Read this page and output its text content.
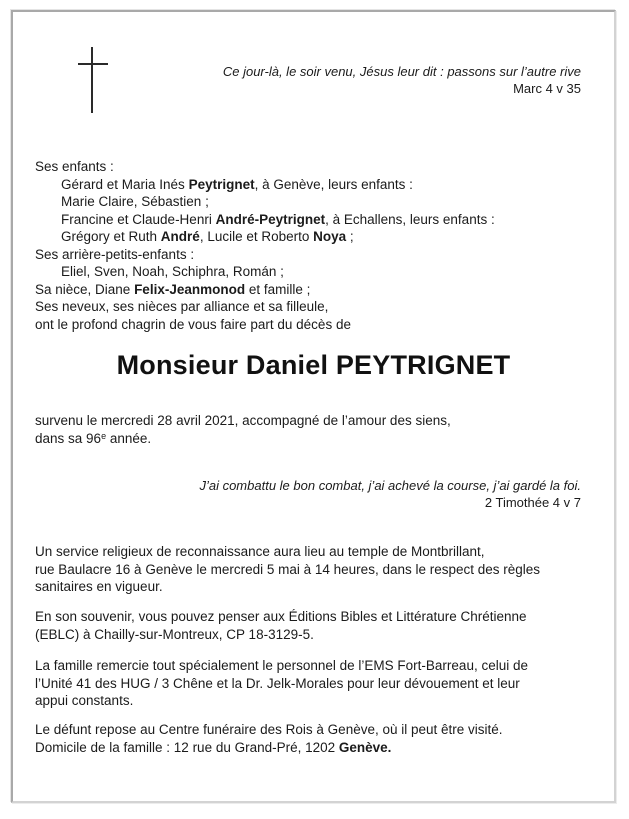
Ce jour-là, le soir venu, Jésus leur dit : passons sur l’autre rive
Marc 4 v 35
Ses enfants :
Gérard et Maria Inés Peytrignet, à Genève, leurs enfants :
Marie Claire, Sébastien ;
Francine et Claude-Henri André-Peytrignet, à Echallens, leurs enfants :
Grégory et Ruth André, Lucile et Roberto Noya ;
Ses arrière-petits-enfants :
Eliel, Sven, Noah, Schiphra, Román ;
Sa nièce, Diane Felix-Jeanmonod et famille ;
Ses neveux, ses nièces par alliance et sa filleule,
ont le profond chagrin de vous faire part du décès de
Monsieur Daniel PEYTRIGNET
survenu le mercredi 28 avril 2021, accompagné de l’amour des siens,
dans sa 96e année.
J’ai combattu le bon combat, j’ai achevé la course, j’ai gardé la foi.
2 Timothée 4 v 7
Un service religieux de reconnaissance aura lieu au temple de Montbrillant,
rue Baulacre 16 à Genève le mercredi 5 mai à 14 heures, dans le respect des règles
sanitaires en vigueur.
En son souvenir, vous pouvez penser aux Éditions Bibles et Littérature Chrétienne
(EBLC) à Chailly-sur-Montreux, CP 18-3129-5.
La famille remercie tout spécialement le personnel de l’EMS Fort-Barreau, celui de
l’Unité 41 des HUG / 3 Chêne et la Dr. Jelk-Morales pour leur dévouement et leur
appui constants.
Le défunt repose au Centre funéraire des Rois à Genève, où il peut être visité.
Domicile de la famille : 12 rue du Grand-Pré, 1202 Genève.
